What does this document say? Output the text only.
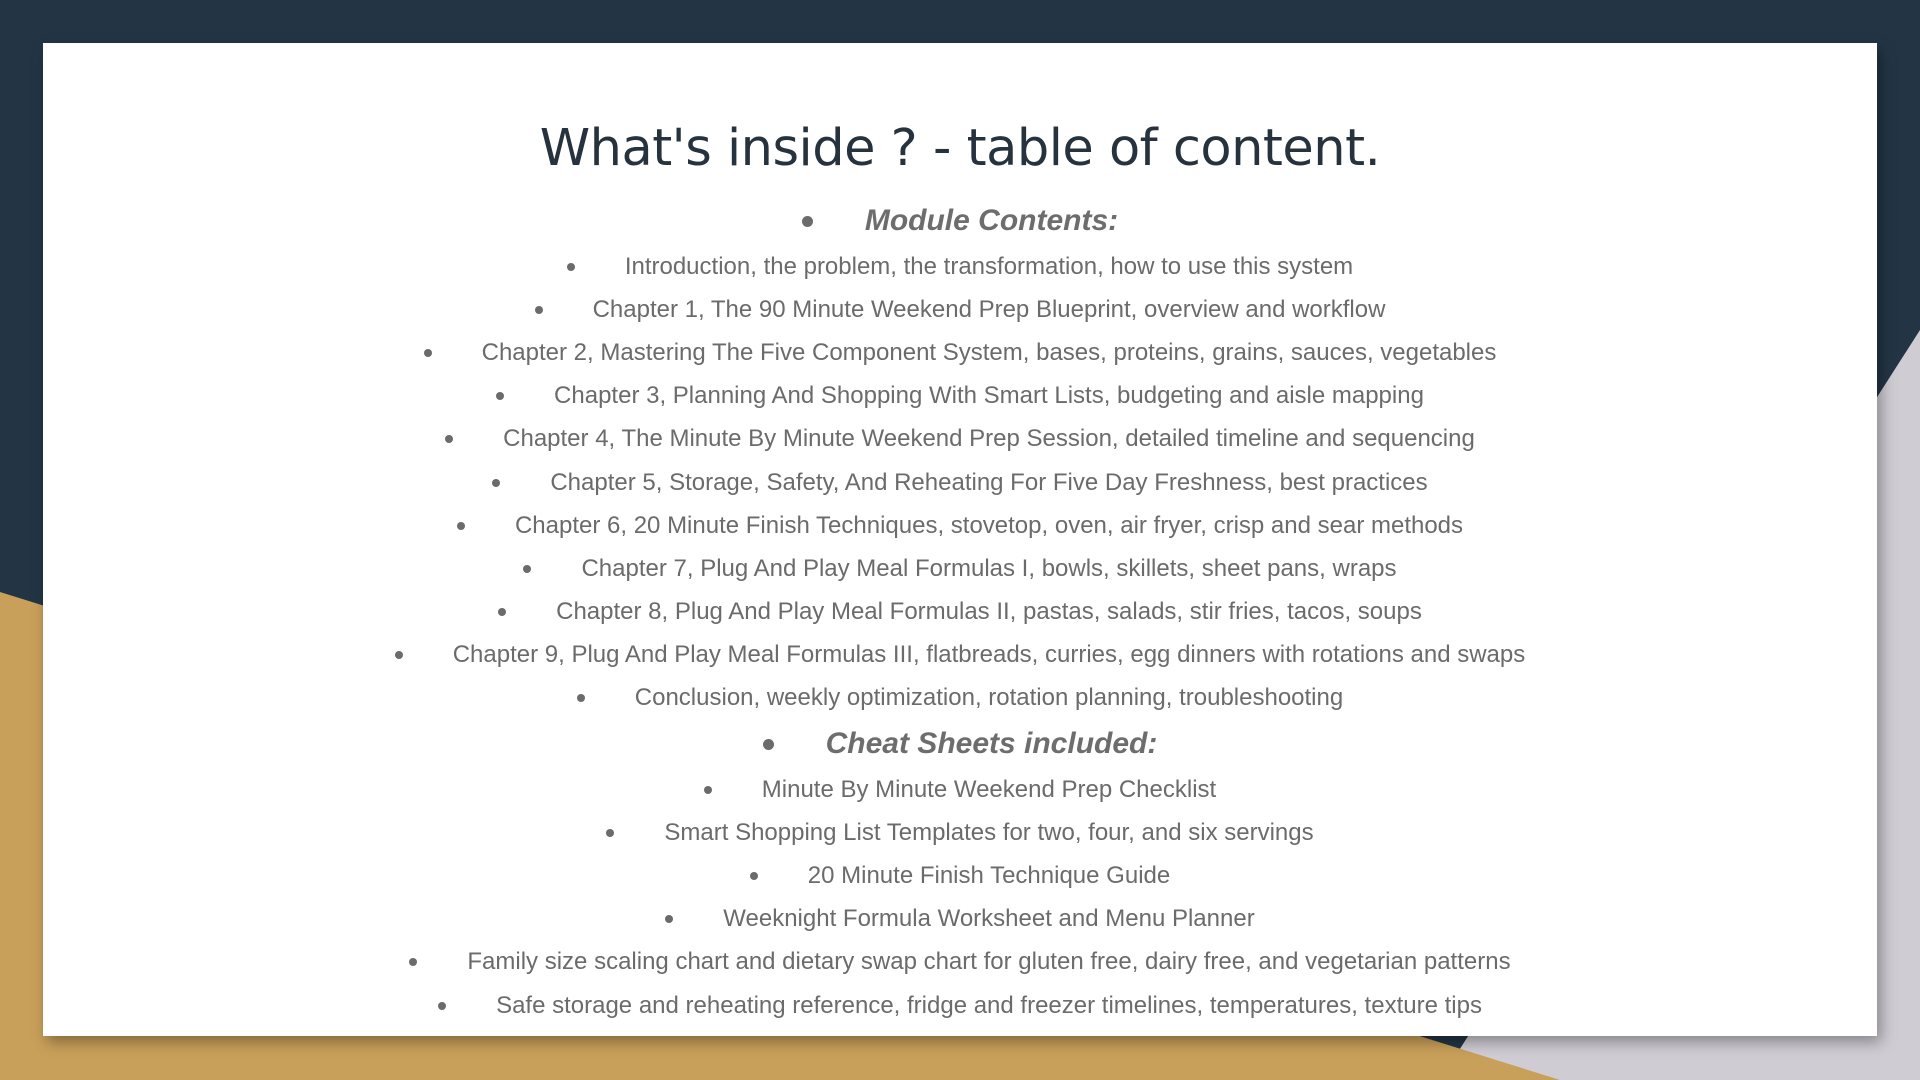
What's inside ? - table of content.
Module Contents:
Introduction, the problem, the transformation, how to use this system
Chapter 1, The 90 Minute Weekend Prep Blueprint, overview and workflow
Chapter 2, Mastering The Five Component System, bases, proteins, grains, sauces, vegetables
Chapter 3, Planning And Shopping With Smart Lists, budgeting and aisle mapping
Chapter 4, The Minute By Minute Weekend Prep Session, detailed timeline and sequencing
Chapter 5, Storage, Safety, And Reheating For Five Day Freshness, best practices
Chapter 6, 20 Minute Finish Techniques, stovetop, oven, air fryer, crisp and sear methods
Chapter 7, Plug And Play Meal Formulas I, bowls, skillets, sheet pans, wraps
Chapter 8, Plug And Play Meal Formulas II, pastas, salads, stir fries, tacos, soups
Chapter 9, Plug And Play Meal Formulas III, flatbreads, curries, egg dinners with rotations and swaps
Conclusion, weekly optimization, rotation planning, troubleshooting
Cheat Sheets included:
Minute By Minute Weekend Prep Checklist
Smart Shopping List Templates for two, four, and six servings
20 Minute Finish Technique Guide
Weeknight Formula Worksheet and Menu Planner
Family size scaling chart and dietary swap chart for gluten free, dairy free, and vegetarian patterns
Safe storage and reheating reference, fridge and freezer timelines, temperatures, texture tips
